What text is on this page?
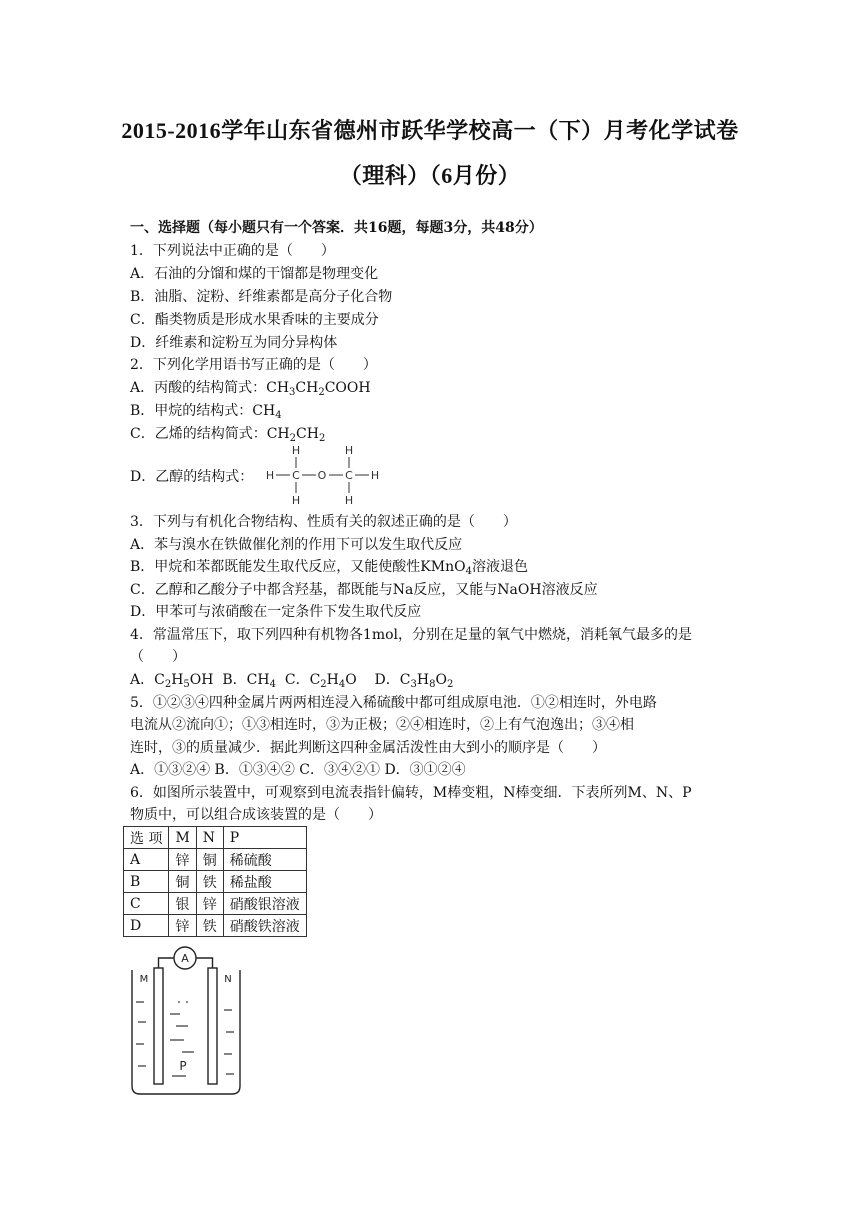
2015-2016学年山东省德州市跃华学校高一（下）月考化学试卷
（理科）（6月份）
一、选择题（每小题只有一个答案．共16题，每题3分，共48分）
1．下列说法中正确的是（　　）
A．石油的分馏和煤的干馏都是物理变化
B．油脂、淀粉、纤维素都是高分子化合物
C．酯类物质是形成水果香味的主要成分
D．纤维素和淀粉互为同分异构体
2．下列化学用语书写正确的是（　　）
A．丙酸的结构简式：$CH_3CH_2COOH$
B．甲烷的结构式：$CH_4$
C．乙烯的结构简式：$CH_2CH_2$
D．乙醇的结构式：
H	H
H C O C H
H	H
3．下列与有机化合物结构、性质有关的叙述正确的是（　　）
A．苯与溴水在铁做催化剂的作用下可以发生取代反应
B．甲烷和苯都既能发生取代反应，又能使酸性KMnO$_4$溶液退色
C．乙醇和乙酸分子中都含羟基，都既能与Na反应，又能与NaOH溶液反应
D．甲苯可与浓硝酸在一定条件下发生取代反应
4．常温常压下，取下列四种有机物各1mol，分别在足量的氧气中燃烧，消耗氧气最多的是
（　　）
A．$C_2H_5OH$  B．$CH_4$  C．$C_2H_4O$    D．$C_3H_8O_2$
5．①②③④四种金属片两两相连浸入稀硫酸中都可组成原电池．①②相连时，外电路
电流从②流向①；①③相连时，③为正极；②④相连时，②上有气泡逸出；③④相
连时，③的质量减少．据此判断这四种金属活泼性由大到小的顺序是（　　）
A．①③②④ B．①③④② C．③④②① D．③①②④
6．如图所示装置中，可观察到电流表指针偏转，M棒变粗，N棒变细．下表所列M、N、P
物质中，可以组合成该装置的是（　　）
选 项	M	N	P
A	锌	铜	稀硫酸
B	铜	铁	稀盐酸
C	银	锌	硝酸银溶液
D	锌	铁	硝酸铁溶液
A
M	N
P
